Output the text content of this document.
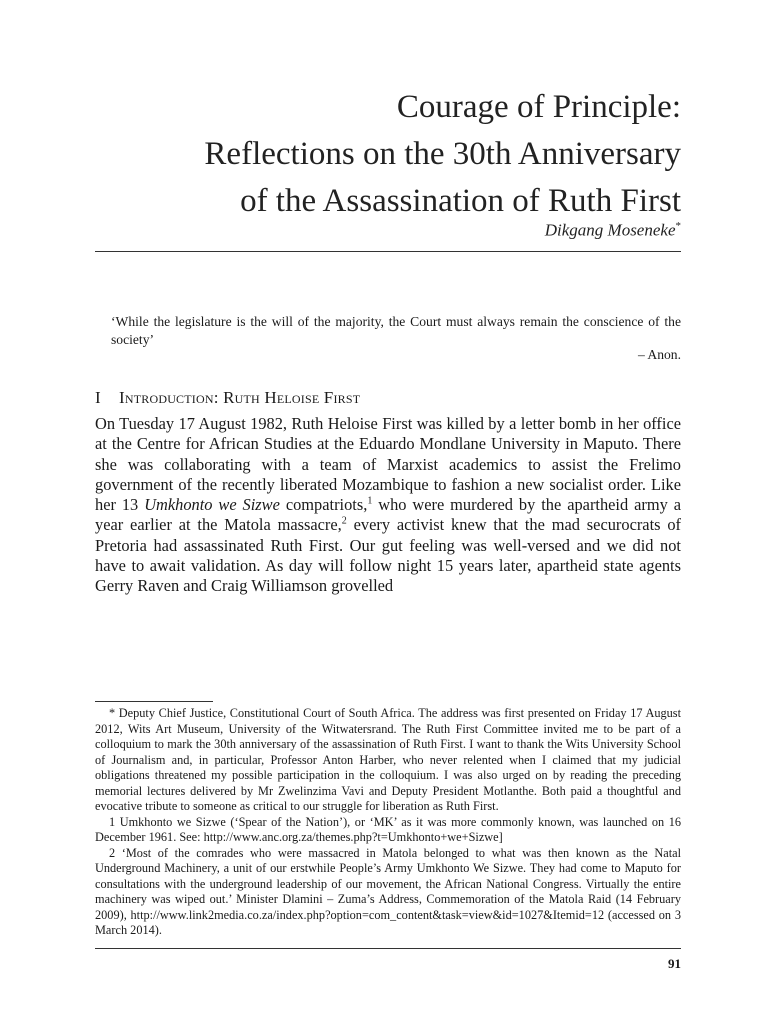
Courage of Principle:
Reflections on the 30th Anniversary
of the Assassination of Ruth First
Dikgang Moseneke*

‘While the legislature is the will of the majority, the Court must always remain the conscience of the society’

– Anon.
I Introduction: Ruth Heloise First

On Tuesday 17 August 1982, Ruth Heloise First was killed by a letter bomb in her office at the Centre for African Studies at the Eduardo Mondlane University in Maputo. There she was collaborating with a team of Marxist academics to assist the Frelimo government of the recently liberated Mozambique to fashion a new socialist order. Like her 13 Umkhonto we Sizwe compatriots,$^1$ who were murdered by the apartheid army a year earlier at the Matola massacre,$^2$ every activist knew that the mad securocrats of Pretoria had assassinated Ruth First. Our gut feeling was well-versed and we did not have to await validation. As day will follow night 15 years later, apartheid state agents Gerry Raven and Craig Williamson grovelled

* Deputy Chief Justice, Constitutional Court of South Africa. The address was first presented on Friday 17 August 2012, Wits Art Museum, University of the Witwatersrand. The Ruth First Committee invited me to be part of a colloquium to mark the 30th anniversary of the assassination of Ruth First. I want to thank the Wits University School of Journalism and, in particular, Professor Anton Harber, who never relented when I claimed that my judicial obligations threatened my possible participation in the colloquium. I was also urged on by reading the preceding memorial lectures delivered by Mr Zwelinzima Vavi and Deputy President Motlanthe. Both paid a thoughtful and evocative tribute to someone as critical to our struggle for liberation as Ruth First.

1 Umkhonto we Sizwe (‘Spear of the Nation’), or ‘MK’ as it was more commonly known, was launched on 16 December 1961. See: http://www.anc.org.za/themes.php?t=Umkhonto+we+Sizwe]

2 ‘Most of the comrades who were massacred in Matola belonged to what was then known as the Natal Underground Machinery, a unit of our erstwhile People’s Army Umkhonto We Sizwe. They had come to Maputo for consultations with the underground leadership of our movement, the African National Congress. Virtually the entire machinery was wiped out.’ Minister Dlamini – Zuma’s Address, Commemoration of the Matola Raid (14 February 2009), http://www.link2media.co.za/index.php?option=com_content&task=view&id=1027&Itemid=12 (accessed on 3 March 2014).

91
